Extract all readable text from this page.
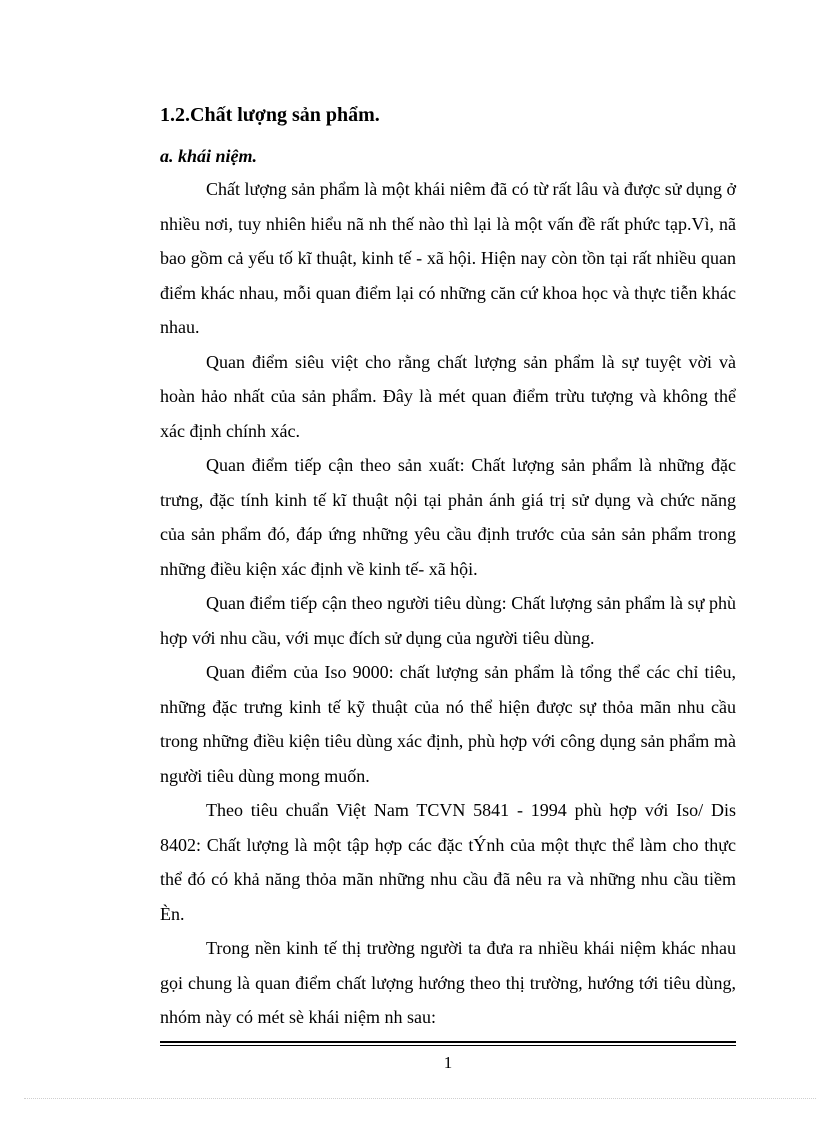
1.2.Chất lượng sản phẩm.
a. khái niệm.

Chất lượng sản phẩm là một khái niêm đã có từ rất lâu và được sử dụng ở nhiều nơi, tuy nhiên hiểu nã nh thế nào thì lại là một vấn đề rất phức tạp.Vì, nã bao gồm cả yếu tố kĩ thuật, kinh tế - xã hội. Hiện nay còn tồn tại rất nhiều quan điểm khác nhau, mỗi quan điểm lại có những căn cứ khoa học và thực tiễn khác nhau.

Quan điểm siêu việt cho rằng chất lượng sản phẩm là sự tuyệt vời và hoàn hảo nhất của sản phẩm. Đây là mét quan điểm trừu tượng và không thể xác định chính xác.

Quan điểm tiếp cận theo sản xuất: Chất lượng sản phẩm là những đặc trưng, đặc tính kinh tế kĩ thuật nội tại phản ánh giá trị sử dụng và chức năng của sản phẩm đó, đáp ứng những yêu cầu định trước của sản sản phẩm trong những điều kiện xác định về kinh tế- xã hội.

Quan điểm tiếp cận theo người tiêu dùng: Chất lượng sản phẩm là sự phù hợp với nhu cầu, với mục đích sử dụng của người tiêu dùng.

Quan điểm của Iso 9000: chất lượng sản phẩm là tổng thể các chỉ tiêu, những đặc trưng kinh tế kỹ thuật của nó thể hiện được sự thỏa mãn nhu cầu trong những điều kiện tiêu dùng xác định, phù hợp với công dụng sản phẩm mà người tiêu dùng mong muốn.

Theo tiêu chuẩn Việt Nam TCVN 5841 - 1994 phù hợp với Iso/ Dis 8402: Chất lượng là một tập hợp các đặc tÝnh của một thực thể làm cho thực thể đó có khả năng thỏa mãn những nhu cầu đã nêu ra và những nhu cầu tiềm Èn.

Trong nền kinh tế thị trường người ta đưa ra nhiều khái niệm khác nhau gọi chung là quan điểm chất lượng hướng theo thị trường, hướng tới tiêu dùng, nhóm này có mét sè khái niệm nh sau:

1
